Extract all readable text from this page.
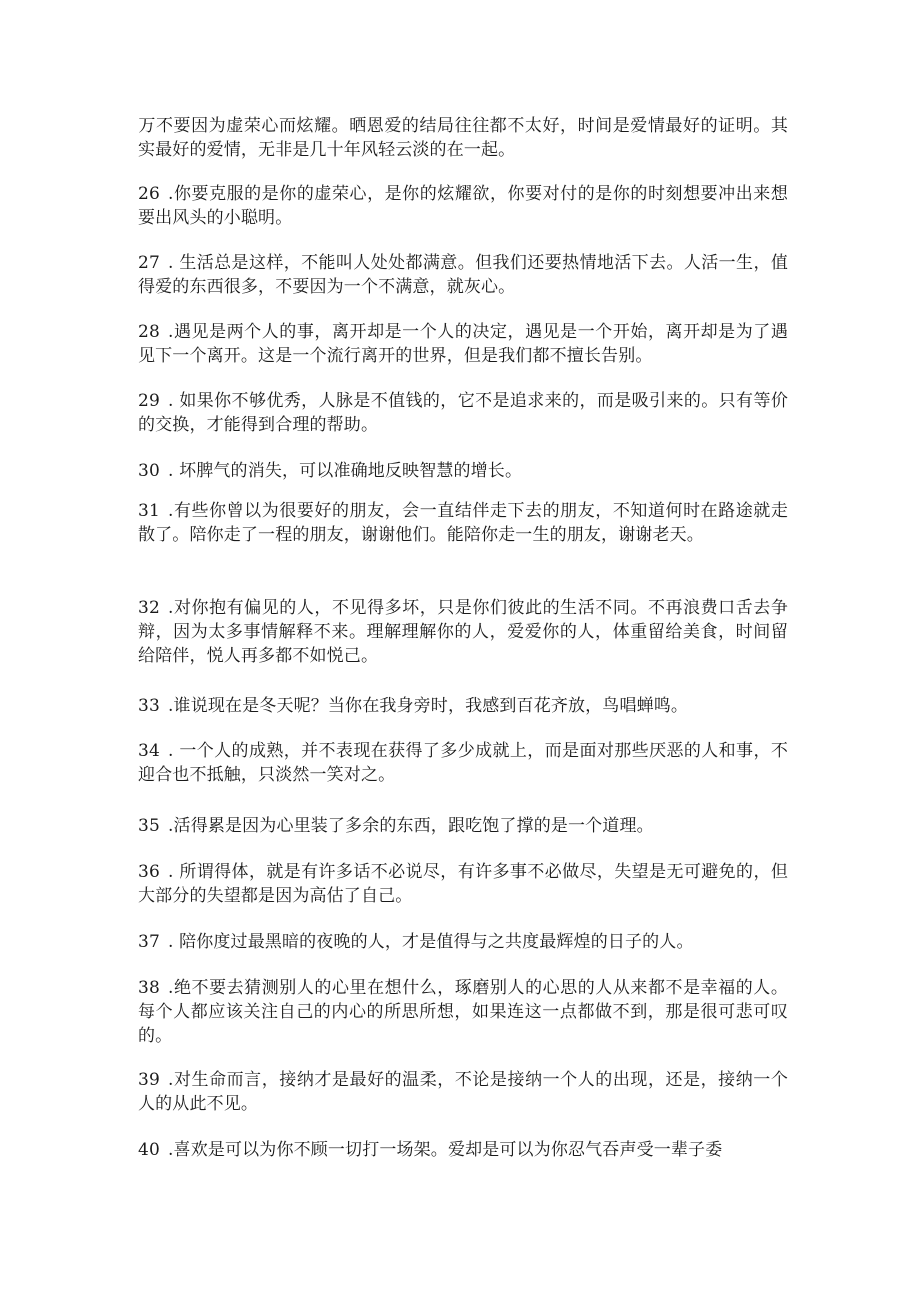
万不要因为虚荣心而炫耀。晒恩爱的结局往往都不太好，时间是爱情最好的证明。其实最好的爱情，无非是几十年风轻云淡的在一起。

26 .你要克服的是你的虚荣心，是你的炫耀欲，你要对付的是你的时刻想要冲出来想要出风头的小聪明。

27 . 生活总是这样，不能叫人处处都满意。但我们还要热情地活下去。人活一生，值得爱的东西很多，不要因为一个不满意，就灰心。

28 .遇见是两个人的事，离开却是一个人的决定，遇见是一个开始，离开却是为了遇见下一个离开。这是一个流行离开的世界，但是我们都不擅长告别。

29 . 如果你不够优秀，人脉是不值钱的，它不是追求来的，而是吸引来的。只有等价的交换，才能得到合理的帮助。

30 . 坏脾气的消失，可以准确地反映智慧的增长。

31 .有些你曾以为很要好的朋友，会一直结伴走下去的朋友，不知道何时在路途就走散了。陪你走了一程的朋友，谢谢他们。能陪你走一生的朋友，谢谢老天。

32 .对你抱有偏见的人，不见得多坏，只是你们彼此的生活不同。不再浪费口舌去争辩，因为太多事情解释不来。理解理解你的人，爱爱你的人，体重留给美食，时间留给陪伴，悦人再多都不如悦己。

33 .谁说现在是冬天呢？当你在我身旁时，我感到百花齐放，鸟唱蝉鸣。

34 . 一个人的成熟，并不表现在获得了多少成就上，而是面对那些厌恶的人和事，不迎合也不抵触，只淡然一笑对之。

35 .活得累是因为心里装了多余的东西，跟吃饱了撑的是一个道理。

36 . 所谓得体，就是有许多话不必说尽，有许多事不必做尽，失望是无可避免的，但大部分的失望都是因为高估了自己。

37 . 陪你度过最黑暗的夜晚的人，才是值得与之共度最辉煌的日子的人。

38 .绝不要去猜测别人的心里在想什么，琢磨别人的心思的人从来都不是幸福的人。每个人都应该关注自己的内心的所思所想，如果连这一点都做不到，那是很可悲可叹的。

39 .对生命而言，接纳才是最好的温柔，不论是接纳一个人的出现，还是，接纳一个人的从此不见。

40 .喜欢是可以为你不顾一切打一场架。爱却是可以为你忍气吞声受一辈子委
